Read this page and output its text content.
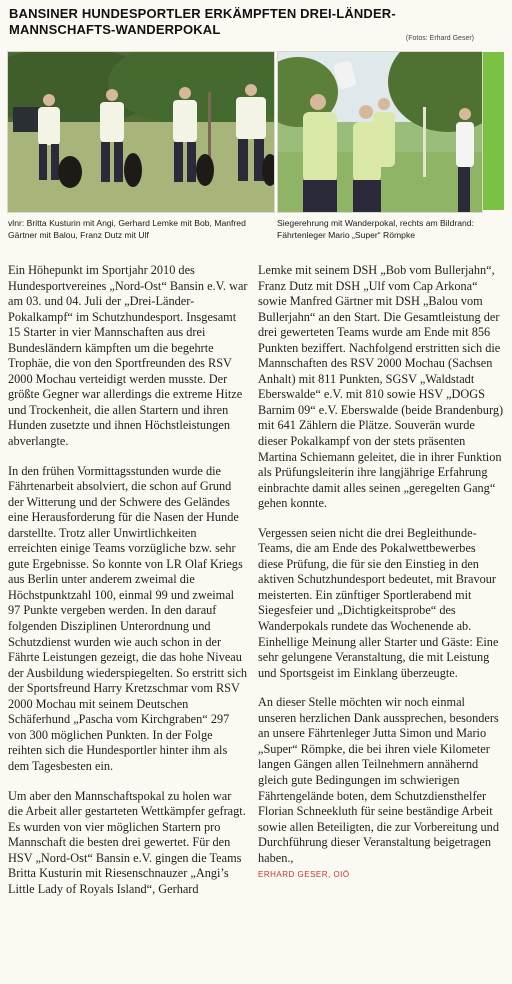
BANSINER HUNDESPORTLER ERKÄMPFTEN DREI-LÄNDER-MANNSCHAFTS-WANDERPOKAL
(Fotos: Erhard Geser)
vlnr: Britta Kusturin mit Angi, Gerhard Lemke mit Bob, Manfred Gärtner mit Balou, Franz Dutz mit Ulf
Siegerehrung mit Wanderpokal, rechts am Bildrand: Fährtenleger Mario „Super“ Römpke

Ein Höhepunkt im Sportjahr 2010 des Hundesportvereines „Nord-Ost“ Bansin e.V. war am 03. und 04. Juli der „Drei-Länder-Pokalkampf“ im Schutzhundesport. Insgesamt 15 Starter in vier Mannschaften aus drei Bundesländern kämpften um die begehrte Trophäe, die von den Sportfreunden des RSV 2000 Mochau verteidigt werden musste. Der größte Gegner war allerdings die extreme Hitze und Trockenheit, die allen Startern und ihren Hunden zusetzte und ihnen Höchstleistungen abverlangte.

In den frühen Vormittagsstunden wurde die Fährtenarbeit absolviert, die schon auf Grund der Witterung und der Schwere des Geländes eine Herausforderung für die Nasen der Hunde darstellte. Trotz aller Unwirtlichkeiten erreichten einige Teams vorzügliche bzw. sehr gute Ergebnisse. So konnte von LR Olaf Kriegs aus Berlin unter anderem zweimal die Höchstpunktzahl 100, einmal 99 und zweimal 97 Punkte vergeben werden. In den darauf folgenden Disziplinen Unterordnung und Schutzdienst wurden wie auch schon in der Fährte Leistungen gezeigt, die das hohe Niveau der Ausbildung wiederspiegelten. So erstritt sich der Sportsfreund Harry Kretzschmar vom RSV 2000 Mochau mit seinem Deutschen Schäferhund „Pascha vom Kirchgraben“ 297 von 300 möglichen Punkten. In der Folge reihten sich die Hundesportler hinter ihm als dem Tagesbesten ein.

Um aber den Mannschaftspokal zu holen war die Arbeit aller gestarteten Wettkämpfer gefragt. Es wurden von vier möglichen Startern pro Mannschaft die besten drei gewertet. Für den HSV „Nord-Ost“ Bansin e.V. gingen die Teams Britta Kusturin mit Riesenschnauzer „Angi’s Little Lady of Royals Island“, Gerhard

Lemke mit seinem DSH „Bob vom Bullerjahn“, Franz Dutz mit DSH „Ulf vom Cap Arkona“ sowie Manfred Gärtner mit DSH „Balou vom Bullerjahn“ an den Start. Die Gesamtleistung der drei gewerteten Teams wurde am Ende mit 856 Punkten beziffert. Nachfolgend erstritten sich die Mannschaften des RSV 2000 Mochau (Sachsen Anhalt) mit 811 Punkten, SGSV „Waldstadt Eberswalde“ e.V. mit 810 sowie HSV „DOGS Barnim 09“ e.V. Eberswalde (beide Brandenburg) mit 641 Zählern die Plätze. Souverän wurde dieser Pokalkampf von der stets präsenten Martina Schiemann geleitet, die in ihrer Funktion als Prüfungsleiterin ihre langjährige Erfahrung einbrachte damit alles seinen „geregelten Gang“ gehen konnte.

Vergessen seien nicht die drei Begleithunde-Teams, die am Ende des Pokalwettbewerbes diese Prüfung, die für sie den Einstieg in den aktiven Schutzhundesport bedeutet, mit Bravour meisterten. Ein zünftiger Sportlerabend mit Siegesfeier und „Dichtigkeitsprobe“ des Wanderpokals rundete das Wochenende ab. Einhellige Meinung aller Starter und Gäste: Eine sehr gelungene Veranstaltung, die mit Leistung und Sportsgeist im Einklang überzeugte.

An dieser Stelle möchten wir noch einmal unseren herzlichen Dank aussprechen, besonders an unsere Fährtenleger Jutta Simon und Mario „Super“ Römpke, die bei ihren viele Kilometer langen Gängen allen Teilnehmern annähernd gleich gute Bedingungen im schwierigen Fährtengelände boten, dem Schutzdiensthelfer Florian Schneekluth für seine beständige Arbeit sowie allen Beteiligten, die zur Vorbereitung und Durchführung dieser Veranstaltung beigetragen haben.,

ERHARD GESER, OIÖ
